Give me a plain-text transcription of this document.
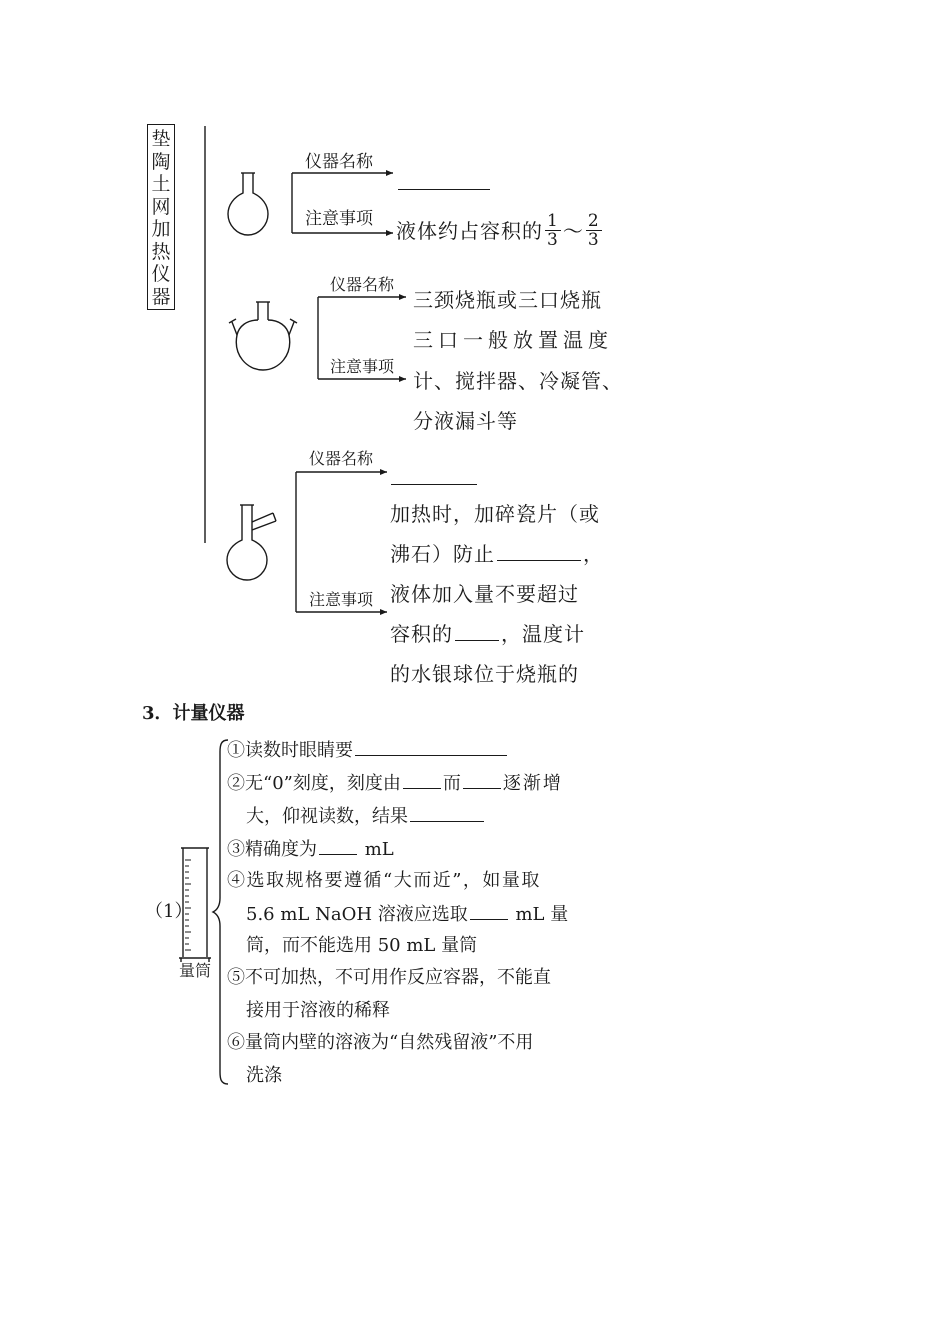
垫陶土网加热仪器
仪器名称
注意事项 液体约占容积的 $\frac{1}{3}$ ～ $\frac{2}{3}$
仪器名称
三颈烧瓶或三口烧瓶
注意事项
三口一般放置温度
计、搅拌器、冷凝管、
分液漏斗等
仪器名称
注意事项
加热时，加碎瓷片（或
沸石）防止	，
液体加入量不要超过
容积的 ，温度计
的水银球位于烧瓶的
3．计量仪器
（1）
量筒
①读数时眼睛要
②无“0”刻度，刻度由 而 逐渐增
大，仰视读数，结果
③精确度为	mL
④选取规格要遵循“大而近”，如量取
5.6 mL NaOH 溶液应选取	mL 量
筒，而不能选用 50 mL 量筒
⑤不可加热，不可用作反应容器，不能直
接用于溶液的稀释
⑥量筒内壁的溶液为“自然残留液”不用
洗涤
